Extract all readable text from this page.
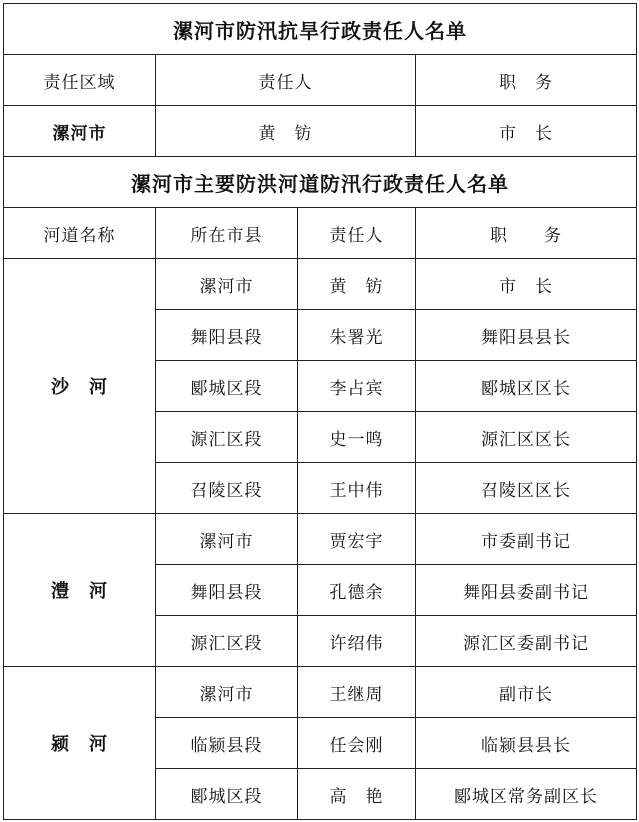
漯河市防汛抗旱行政责任人名单			
责任区域	责任人		职　务
漯河市	黄　钫		市　长
漯河市主要防洪河道防汛行政责任人名单			
河道名称	所在市县	责任人	职　　务
沙　河	漯河市	黄　钫	市　长
	舞阳县段	朱署光	舞阳县县长
	郾城区段	李占宾	郾城区区长
	源汇区段	史一鸣	源汇区区长
	召陵区段	王中伟	召陵区区长
澧　河	漯河市	贾宏宇	市委副书记
	舞阳县段	孔德余	舞阳县委副书记
	源汇区段	许绍伟	源汇区委副书记
颍　河	漯河市	王继周	副市长
	临颍县段	任会刚	临颍县县长
	郾城区段	高　艳	郾城区常务副区长
